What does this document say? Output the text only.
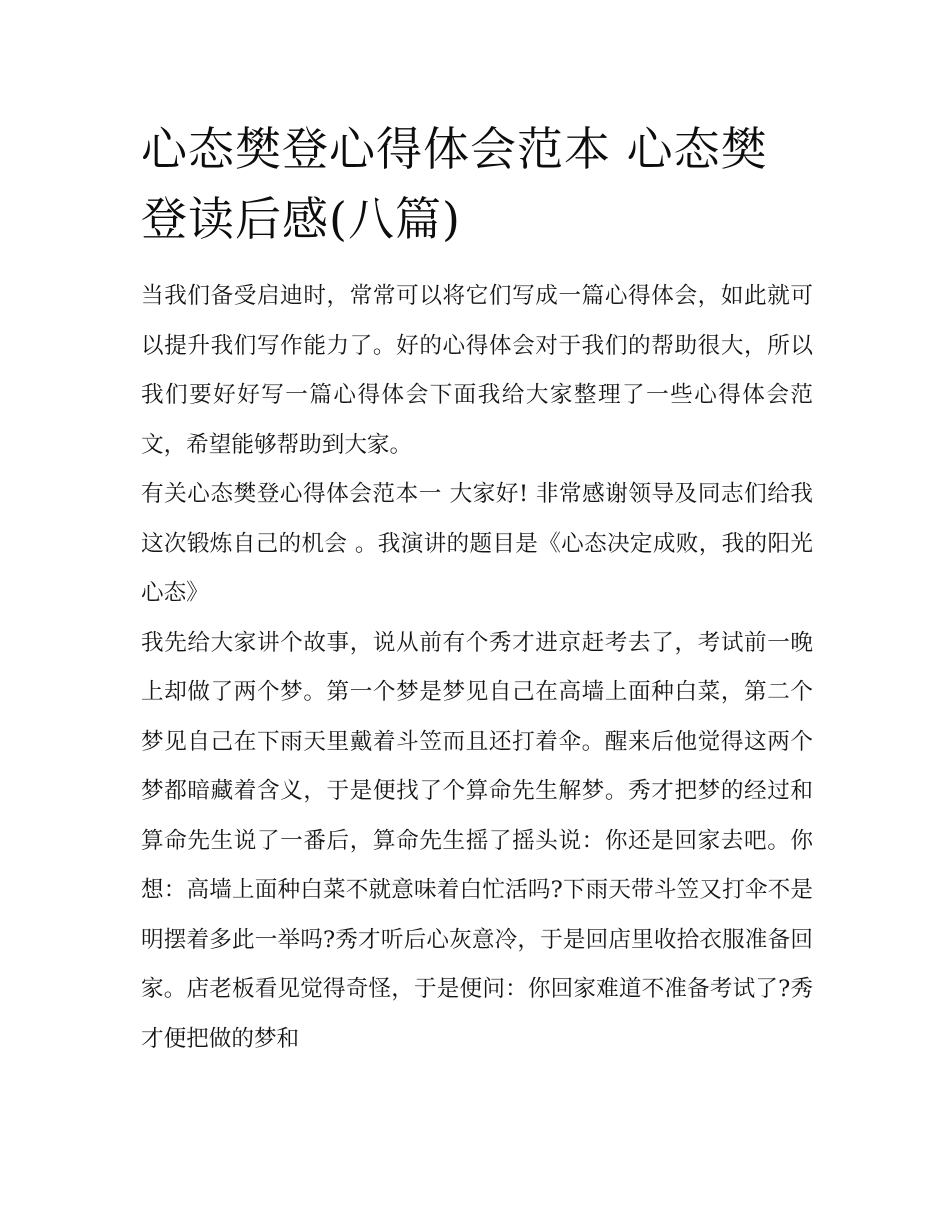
心态樊登心得体会范本 心态樊登读后感(八篇)

当我们备受启迪时，常常可以将它们写成一篇心得体会，如此就可以提升我们写作能力了。好的心得体会对于我们的帮助很大，所以我们要好好写一篇心得体会下面我给大家整理了一些心得体会范文，希望能够帮助到大家。

有关心态樊登心得体会范本一 大家好! 非常感谢领导及同志们给我这次锻炼自己的机会 。我演讲的题目是《心态决定成败，我的阳光心态》

我先给大家讲个故事，说从前有个秀才进京赶考去了，考试前一晚上却做了两个梦。第一个梦是梦见自己在高墙上面种白菜，第二个梦见自己在下雨天里戴着斗笠而且还打着伞。醒来后他觉得这两个梦都暗藏着含义，于是便找了个算命先生解梦。秀才把梦的经过和算命先生说了一番后，算命先生摇了摇头说：你还是回家去吧。你想：高墙上面种白菜不就意味着白忙活吗?下雨天带斗笠又打伞不是明摆着多此一举吗?秀才听后心灰意冷，于是回店里收拾衣服准备回家。店老板看见觉得奇怪，于是便问：你回家难道不准备考试了?秀才便把做的梦和
